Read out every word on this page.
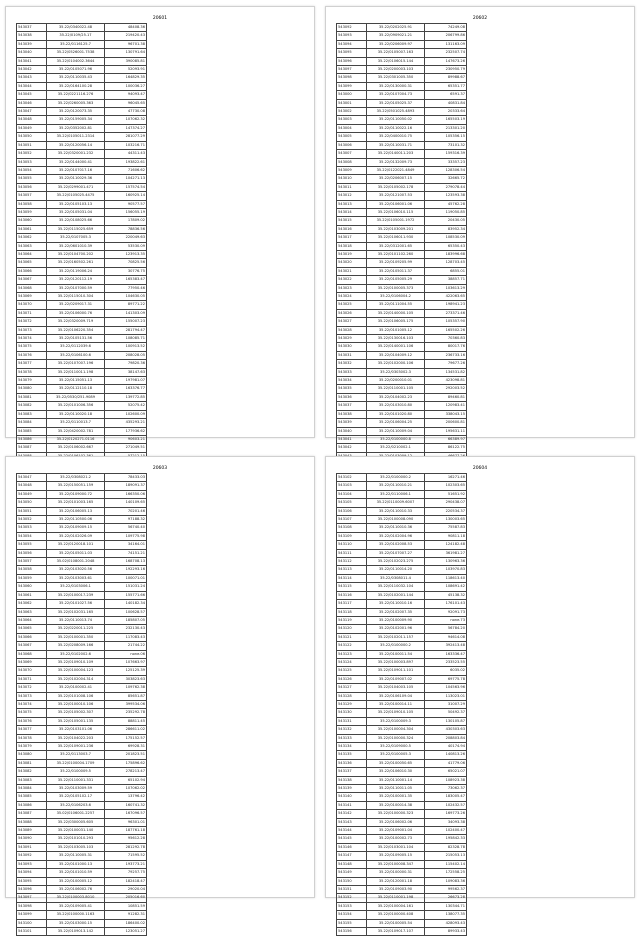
20601
543037	35.22/0340022.48	48408.36
543038	35.22/0109/25.17	219420.43
543039	35.22/0116125.7	96701.38
543040	35.22/0526001.7538	130791.64
543041	35.22/0104002.3644	390085.81
543042	35.22/0105071.96	52093.91
543043	35.22/0110035.43	164829.35
543044	35.22/0164100.28	100036.27
543045	35.22/0221116.276	94093.47
543046	35.22/0260005.363	96045.65
543047	35.22/0120073.35	47730.08
543048	35.22/0159005.34	107062.32
543049	35.22/0352002.81	147374.27
543050	35.22/0105011.2314	281077.29
543051	35.22/0120056.14	103216.71
543052	35.22/0320001.232	44311.43
543053	35.22/0144000.41	193822.61
543054	35.22/0107017.16	71606.62
543055	35.22/0110029.36	104271.13
543056	35.22/0299001.471	157574.54
543057	35.22/0105025.4475	160925.14
543058	35.22/0105103.13	90577.57
543059	35.22/0105031.04	156055.19
543060	35.22/0108025.66	17809.02
543061	35.22/0115025.659	78836.56
543062	35.22/0107005.3	220049.63
543063	35.22/0601010.39	53530.09
543064	35.22/0104700.202	123913.35
543065	35.22/0160502.261	70825.56
543066	35.22/0119006.24	30776.75
543067	35.22/0120112.19	165383.47
543068	35.22/0107000.59	77950.46
543069	35.22/0115010.304	104630.05
543070	35.22/0209017.31	89771.22
543071	35.22/0106000.76	141303.09
543072	35.22/0320009.719	155007.23
543073	35.22/0106220.354	281794.47
543074	35.22/0105131.56	108085.71
543075	35.22/0112039.6	100913.52
543076	35.22/0106100.6	208028.05
543077	35.22/0107007.196	79820.36
543078	35.22/0110011.198	38147.63
543079	35.22/0115051.13	197981.07
543080	35.22/0112110.18	163376.77
543081	35.22/0530/251.9089	139772.85
543082	35.22/0101006.356	52075.42
543083	35.22/0110020.18	102600.09
543084	35.22/0110013.7	435293.21
543085	35.22/0420002.781	177936.62
543086	35.22/0120271.0116	90603.21
543087	35.22/0106002.667	271049.51

20602
543092	35.22/0202025.91	74249.08
543093	35.22/0909021.21	206799.86
543094	35.22/0206009.97	131163.09
543095	35.22/0105007.163	232507.74
543096	35.22/0106015.144	147673.26
543097	35.22/0200003.103	230950.79
543098	35.22/0301005.350	89988.67
543099	35.22/0130000.31	65351.77
543000	35.22/0107004.73	6591.37
543001	35.22/0105025.37	40831.84
543002	35.22/0501025.4893	20333.64
543003	35.22/0110050.02	165503.19
543004	35.22/0110022.16	213301.20
543005	35.22/0400010.75	105356.15
543006	35.22/0110031.71	73101.32
543007	35.22/0140011.203	159316.39
543008	35.22/0132009.73	33357.23
543009	35.22/0122021.4849	128306.54
543010	35.22/0206007.15	32665.72
543011	35.22/0105002.178	279078.44
543012	35.22/0121007.53	123593.38
543013	35.22/0106001.06	45762.28
543014	35.22/0106010.115	119050.85
543015	35.22/0105001.1972	20430.05
543016	35.22/0103009.201	83952.34
543017	35.22/0106011.930	108530.09
543018	35.22/0312001.65	65350.43
543019	35.22/0101102.260	183996.68
543020	35.22/0109205.99	128703.45
543021	35.22/0105011.37	6855.01
543022	35.22/0105005.29	38857.71
543023	35.22/0100005.373	103613.29
543024	35.22/0106004.2	422063.65
543025	35.22/0111004.55	198941.23
543026	35.22/0140000.105	273371.46
543027	35.22/0106005.175	105357.90
543028	35.22/0101005.12	165502.26
543029	35.22/0130016.103	70360.83
543030	35.22/0140001.106	80017.76
543031	35.22/0104009.12	236733.16
543032	35.22/0102000.106	79677.26
543033	35.22/0303002.3	134531.82
543034	35.22/0200010.01	423098.81
543035	35.22/0110001.105	292003.52
543036	35.22/0104002.23	89460.81
543037	35.22/0103010.80	120983.41
543038	35.22/0101020.80	338043.15
543039	35.22/0106004.25	200600.81
543040	35.22/0110009.04	195631.11
543041	35.22/0100000.8	66389.97
543042	35.22/0210002.1	86122.75

20603
543047	35.22/0308021.2	78433.03
543048	35.22/0150051.159	189091.37
543049	35.22/0109000.72	166350.06
543050	35.22/0101003.165	140109.65
543051	35.22/0106005.13	70201.46
543052	35.22/0110500.06	97188.32
543053	35.22/0109009.15	56740.40
543054	35.22/0102026.09	109775.98
543055	35.22/0120018.101	34164.01
543056	35.22/0105011.03	74151.21
543057	35.02/0108001.2048	168708.13
543058	35.22/0103020.56	192293.16
543059	35.22/0103003.61	100071.01
543060	35.22/0103006.1	151031.24
543061	35.22/0100017.239	155771.66
543062	35.22/0101027.56	140182.34
543063	35.22/0102031.165	100628.57
543064	35.22/0110013.74	185807.05
543065	35.22/0220011.225	232130.43
543066	35.22/0100001.350	117083.43
543067	35.22/0208009.166	21744.22
543068	35.22/0102002.6	none.06
543069	35.22/0109010.109	107663.97
543070	35.22/0100004.123	125125.39
543071	35.22/0102004.314	303823.63
543072	35.22/0100002.41	109762.38
543073	35.22/0101008.106	85651.87
543074	35.22/0100010.106	399534.06
543075	35.22/0105002.307	235292.78
543076	35.22/0105001.135	88811.45
543077	35.22/0103101.06	286611.02
543078	35.22/0104022.203	175152.57
543079	35.22/0109001.236	69928.31
543080	35.22/0113003.7	201823.51
543081	35.22/0100004.1709	175896.62
543082	35.22/0100009.5	278213.47
543083	35.22/0110001.331	65102.94
543084	35.22/0103009.59	107062.02
543085	35.22/0105102.17	13796.42
543086	35.22/0106203.6	160741.32
543087	35.02/0106001.2257	167096.57
543088	35.22/0300005.605	96301.01
543089	35.22/0100031.140	187761.18
543090	35.22/0101010.293	95612.28
543091	35.22/0103005.103	281292.78
543092	35.22/0110005.31	71595.52
543093	35.22/0101000.13	193773.21
543094	35.22/0101010.59	79257.75
543095	35.22/0100005.12	182418.47
543096	35.22/0106002.76	29020.04
543097	35.22/0100003.8010	205016.60
543098	35.22/0109005.41	10851.59
543099	35.22/0100000.1163	91282.31
543100	35.22/0103000.15	186400.02
543101	35.22/0109013.142	123051.27
20604
543102	35.22/0100000.2	16271.46
543103	35.22/0110010.21	102303.65
543104	35.22/0110006.1	51651.92
543105	35.22/0110009.6007	290438.07
543106	35.22/0110010.33	220534.37
543107	35.22/0100008.090	130003.65
543108	35.22/0110010.36	75587.83
543109	35.22/0102004.96	90811.18
543110	35.22/0102008.53	124182.48
543111	35.22/0107007.27	361981.27
543112	35.22/0102023.275	130963.36
543113	35.22/0110014.20	103970.83
543114	35.22/0308011.4	118613.40
543115	35.22/0110032.104	108691.42
543116	35.22/0102001.144	45138.32
543117	35.22/0110010.16	176101.43
543118	35.22/0102007.35	92091.73
543119	35.22/0100009.90	none.73
543120	35.22/0102001.96	56784.20
543121	35.22/0102011.157	94614.08
543122	35.22/0100000.2	392413.48
543123	35.22/0100011.54	163336.47
543124	35.22/0100003.897	233523.55
543125	35.22/0109011.101	6035.02
543126	35.22/0109007.02	69775.78
543127	35.22/0104003.105	104563.96
543128	35.22/0106109.04	113023.01
543129	35.22/0100014.11	31007.29
543130	35.22/0109010.105	50492.37
543131	35.22/0100009.3	130105.87
543132	35.22/0100004.304	430303.63
543133	35.22/0100000.324	208803.84
543134	35.22/0109000.5	40174.94
543135	35.22/0100005.3	140813.26
543136	35.22/0100050.65	41779.06
543137	35.22/0106010.30	65021.07
543138	35.22/0110001.14	108923.38
543139	35.22/0110011.05	73062.37
543140	35.22/0100001.35	183005.47
543141	35.22/0100014.38	102432.57
543142	35.22/0100000.323	169773.26
543143	35.22/0106002.06	34093.38
543144	35.22/0109001.04	102400.47
543145	35.22/0100002.73	195842.33
543146	35.22/0103001.104	82328.78
543147	35.22/0109005.15	215053.13
543148	35.22/0100008.347	115402.14
543149	35.22/0100000.31	172558.25
543150	35.22/0120001.18	109083.36
543151	35.22/0109003.90	99562.37
543152	35.22/0110001.198	26673.28
543153	35.22/0100004.161	130344.71
543154	35.22/0100000.408	138077.35
543155	35.22/0100005.54	428093.43
543156	35.22/0109017.107	89933.43
